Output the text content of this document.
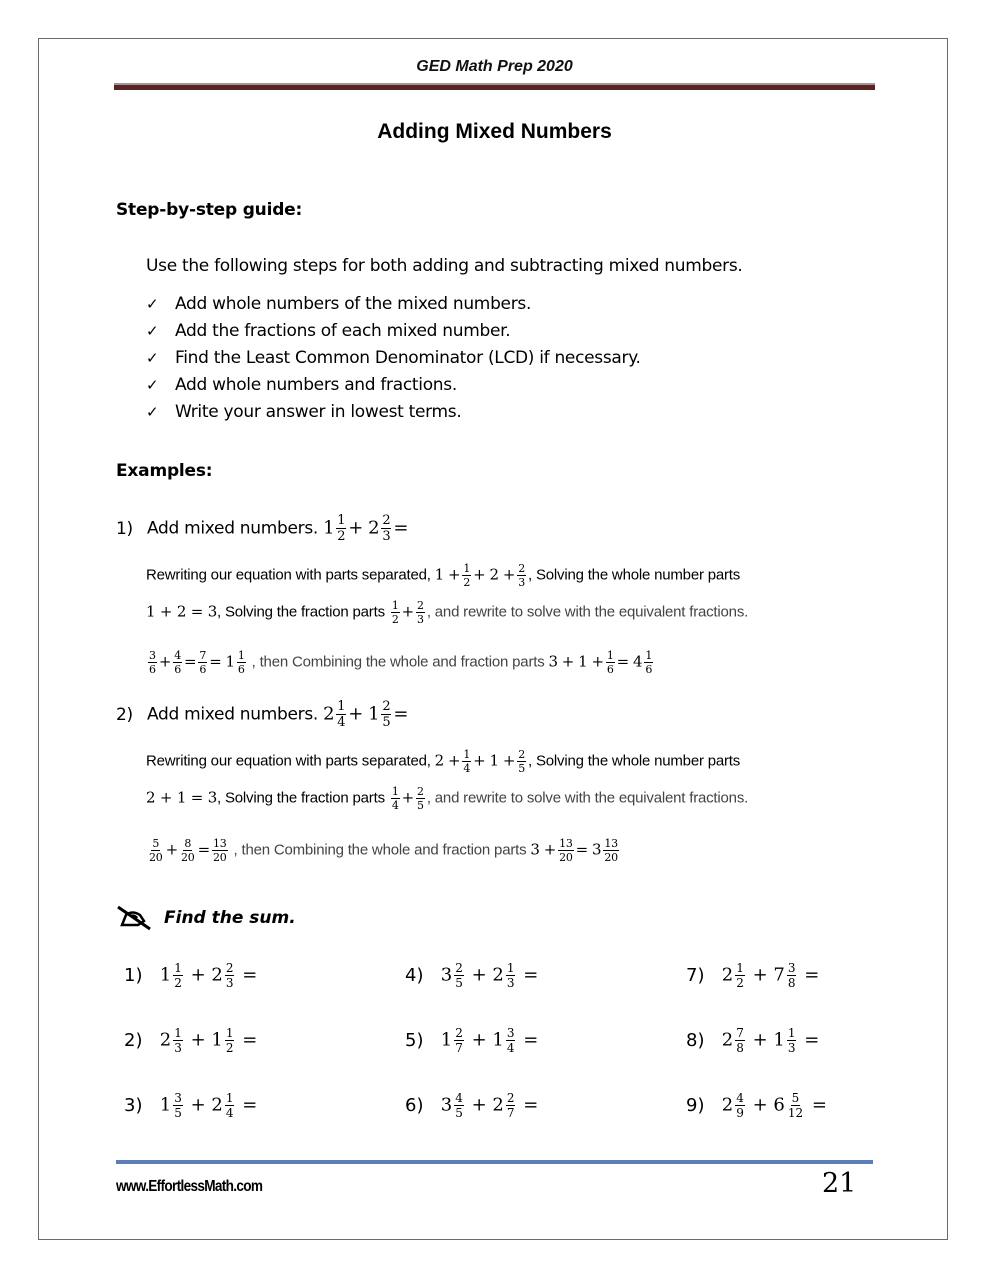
GED Math Prep 2020
Adding Mixed Numbers
Step-by-step guide:
Use the following steps for both adding and subtracting mixed numbers.
✓ Add whole numbers of the mixed numbers.
✓ Add the fractions of each mixed number.
✓ Find the Least Common Denominator (LCD) if necessary.
✓ Add whole numbers and fractions.
✓ Write your answer in lowest terms.
Examples:
1) Add mixed numbers. $1 \frac{1}{2} + 2 \frac{2}{3}$ =
Rewriting our equation with parts separated, $1 + \frac{1}{2} + 2 + \frac{2}{3}$ , Solving the whole number parts
1 + 2 = 3, Solving the fraction parts $\frac{1}{2} + \frac{2}{3}$ , and rewrite to solve with the equivalent fractions.
$\frac{3}{6} + \frac{4}{6} = \frac{7}{6} = 1 \frac{1}{6}$ , then Combining the whole and fraction parts $3 + 1 + \frac{1}{6} = 4 \frac{1}{6}$
2) Add mixed numbers. $2 \frac{1}{4} + 1 \frac{2}{5}$ =
Rewriting our equation with parts separated, $2 + \frac{1}{4} + 1 + \frac{2}{5}$ , Solving the whole number parts
2 + 1 = 3, Solving the fraction parts $\frac{1}{4} + \frac{2}{5}$ , and rewrite to solve with the equivalent fractions.
$\frac{5}{20} + \frac{8}{20} = \frac{13}{20}$ , then Combining the whole and fraction parts $3 + \frac{13}{20} = 3 \frac{13}{20}$
Find the sum.
1) $1 \frac{1}{2} + 2 \frac{2}{3}$ =
2) $2 \frac{1}{3} + 1 \frac{1}{2}$ =
3) $1 \frac{3}{5} + 2 \frac{1}{4}$ =
4) $3 \frac{2}{5} + 2 \frac{1}{3}$ =
5) $1 \frac{2}{7} + 1 \frac{3}{4}$ =
6) $3 \frac{4}{5} + 2 \frac{2}{7}$ =
7) $2 \frac{1}{2} + 7 \frac{3}{8}$ =
8) $2 \frac{7}{8} + 1 \frac{1}{3}$ =
9) $2 \frac{4}{9} + 6 \frac{5}{12}$ =
www.EffortlessMath.com	21
